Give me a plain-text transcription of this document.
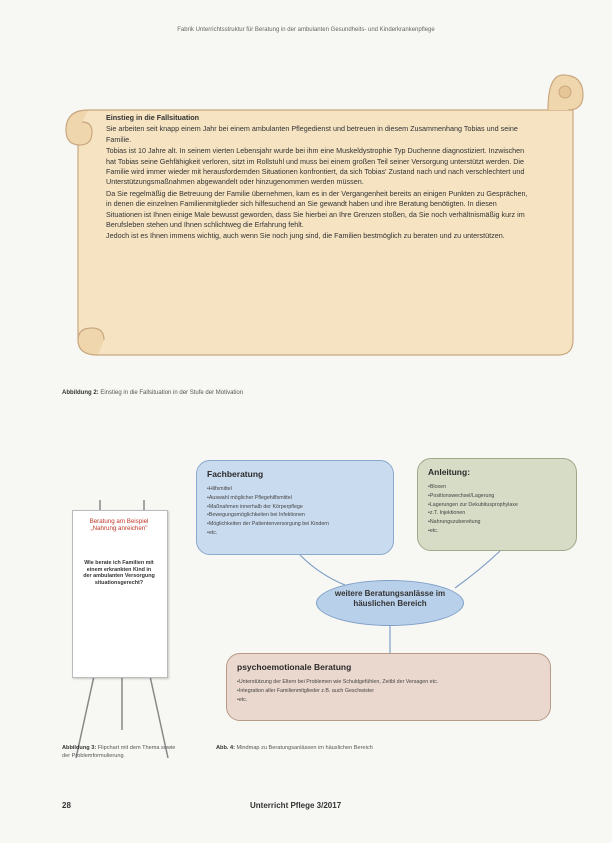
Fabrik Unterrichtsstruktur für Beratung in der ambulanten Gesundheits- und Kinderkrankenpflege
Einstieg in die Fallsituation

Sie arbeiten seit knapp einem Jahr bei einem ambulanten Pflegedienst und betreuen in diesem Zusammenhang Tobias und seine Familie.

Tobias ist 10 Jahre alt. In seinem vierten Lebensjahr wurde bei ihm eine Muskeldystrophie Typ Duchenne diagnostiziert. Inzwischen hat Tobias seine Gehfähigkeit verloren, sitzt im Rollstuhl und muss bei einem großen Teil seiner Versorgung unterstützt werden. Die Familie wird immer wieder mit herausfordernden Situationen konfrontiert, da sich Tobias' Zustand nach und nach verschlechtert und Unterstützungsmaßnahmen abgewandelt oder hinzugenommen werden müssen.

Da Sie regelmäßig die Betreuung der Familie übernehmen, kam es in der Vergangenheit bereits an einigen Punkten zu Gesprächen, in denen die einzelnen Familienmitglieder sich hilfesuchend an Sie gewandt haben und ihre Beratung benötigten. In diesen Situationen ist Ihnen einige Male bewusst geworden, dass Sie hierbei an Ihre Grenzen stoßen, da Sie noch verhältnismäßig kurz im Berufsleben stehen und Ihnen schlichtweg die Erfahrung fehlt.

Jedoch ist es Ihnen immens wichtig, auch wenn Sie noch jung sind, die Familien bestmöglich zu beraten und zu unterstützen.

Abbildung 2: Einstieg in die Fallsituation in der Stufe der Motivation
Beratung am Beispiel „Nahrung anreichen"
Wie berate ich Familien mit einem erkrankten Kind in der ambulanten Versorgung situationsgerecht?
Fachberatung
•Hilfsmittel
•Auswahl möglicher Pflegehilfsmittel
•Maßnahmen innerhalb der Körperpflege
•Bewegungsmöglichkeiten bei Infektionen
•Möglichkeiten der Patientenversorgung bei Kindern
•etc.
Anleitung:
•Bloxen
•Positionswechsel/Lagerung
•Lagerungen zur Dekubitusprophylaxe
•z.T. Injektionen
•Nahrungszubereitung
•etc.
weitere Beratungsanlässe im häuslichen Bereich
psychoemotionale Beratung
•Unterstützung der Eltern bei Problemen wie Schuldgefühlen, Zeitbl der Versagen etc.
•Integration aller Familienmitglieder z.B. auch Geschwister
•etc.
Abbildung 3: Flipchart mit dem Thema sowie der Problemformulierung
Abb. 4: Mindmap zu Beratungsanlässen im häuslichen Bereich
28	Unterricht Pflege 3/2017
